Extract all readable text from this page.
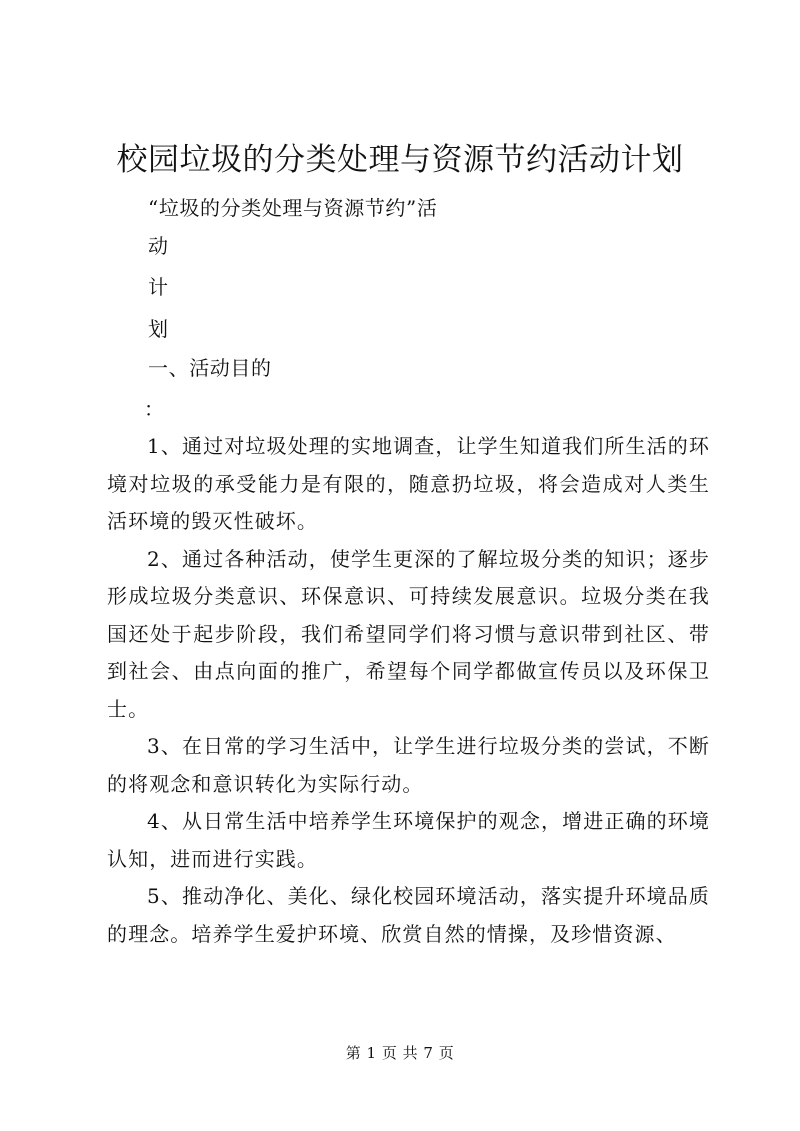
校园垃圾的分类处理与资源节约活动计划
“垃圾的分类处理与资源节约”活
动
计
划
一、活动目的
：

1、通过对垃圾处理的实地调查，让学生知道我们所生活的环境对垃圾的承受能力是有限的，随意扔垃圾，将会造成对人类生活环境的毁灭性破坏。

2、通过各种活动，使学生更深的了解垃圾分类的知识；逐步形成垃圾分类意识、环保意识、可持续发展意识。垃圾分类在我国还处于起步阶段，我们希望同学们将习惯与意识带到社区、带到社会、由点向面的推广，希望每个同学都做宣传员以及环保卫士。

3、在日常的学习生活中，让学生进行垃圾分类的尝试，不断的将观念和意识转化为实际行动。

4、从日常生活中培养学生环境保护的观念，增进正确的环境认知，进而进行实践。

5、推动净化、美化、绿化校园环境活动，落实提升环境品质的理念。培养学生爱护环境、欣赏自然的情操，及珍惜资源、

第 1 页 共 7 页
